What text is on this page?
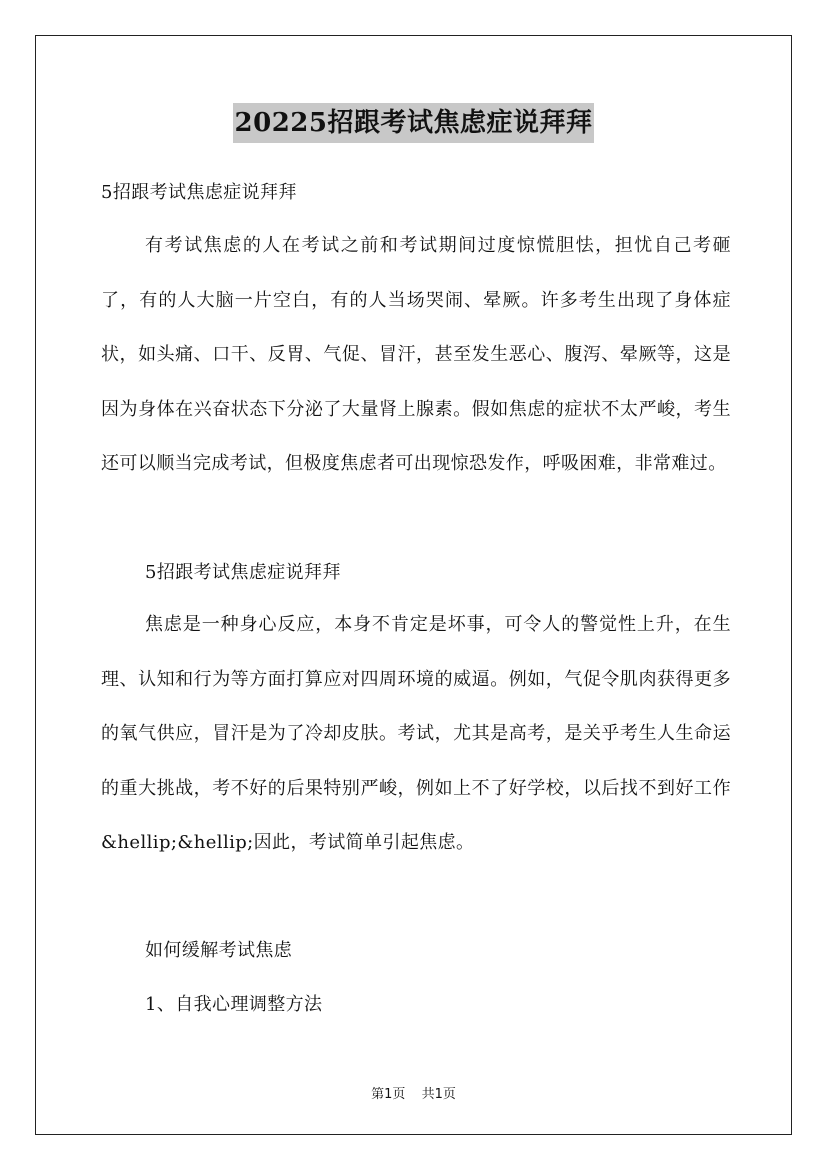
20225招跟考试焦虑症说拜拜
5招跟考试焦虑症说拜拜

有考试焦虑的人在考试之前和考试期间过度惊慌胆怯，担忧自己考砸了，有的人大脑一片空白，有的人当场哭闹、晕厥。许多考生出现了身体症状，如头痛、口干、反胃、气促、冒汗，甚至发生恶心、腹泻、晕厥等，这是因为身体在兴奋状态下分泌了大量肾上腺素。假如焦虑的症状不太严峻，考生还可以顺当完成考试，但极度焦虑者可出现惊恐发作，呼吸困难，非常难过。

5招跟考试焦虑症说拜拜

焦虑是一种身心反应，本身不肯定是坏事，可令人的警觉性上升，在生理、认知和行为等方面打算应对四周环境的威逼。例如，气促令肌肉获得更多的氧气供应，冒汗是为了冷却皮肤。考试，尤其是高考，是关乎考生人生命运的重大挑战，考不好的后果特别严峻，例如上不了好学校，以后找不到好工作&hellip;&hellip;因此，考试简单引起焦虑。

如何缓解考试焦虑
1、自我心理调整方法
第1页 共1页
